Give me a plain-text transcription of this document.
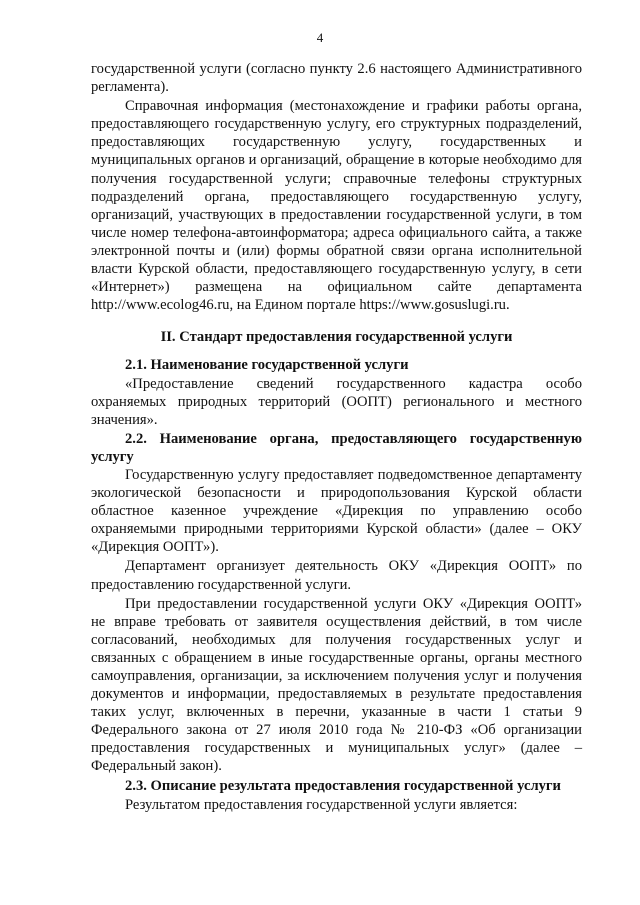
4

государственной услуги (согласно пункту 2.6 настоящего Административного регламента).

Справочная информация (местонахождение и графики работы органа, предоставляющего государственную услугу, его структурных подразделений, предоставляющих государственную услугу, государственных и муниципальных органов и организаций, обращение в которые необходимо для получения государственной услуги; справочные телефоны структурных подразделений органа, предоставляющего государственную услугу, организаций, участвующих в предоставлении государственной услуги, в том числе номер телефона-автоинформатора; адреса официального сайта, а также электронной почты и (или) формы обратной связи органа исполнительной власти Курской области, предоставляющего государственную услугу, в сети «Интернет») размещена на официальном сайте департамента http://www.ecolog46.ru, на Едином портале https://www.gosuslugi.ru.

II. Стандарт предоставления государственной услуги

2.1. Наименование государственной услуги

«Предоставление сведений государственного кадастра особо охраняемых природных территорий (ООПТ) регионального и местного значения».

2.2. Наименование органа, предоставляющего государственную услугу

Государственную услугу предоставляет подведомственное департаменту экологической безопасности и природопользования Курской области областное казенное учреждение «Дирекция по управлению особо охраняемыми природными территориями Курской области» (далее – ОКУ «Дирекция ООПТ»).

Департамент организует деятельность ОКУ «Дирекция ООПТ» по предоставлению государственной услуги.

При предоставлении государственной услуги ОКУ «Дирекция ООПТ» не вправе требовать от заявителя осуществления действий, в том числе согласований, необходимых для получения государственных услуг и связанных с обращением в иные государственные органы, органы местного самоуправления, организации, за исключением получения услуг и получения документов и информации, предоставляемых в результате предоставления таких услуг, включенных в перечни, указанные в части 1 статьи 9 Федерального закона от 27 июля 2010 года № 210-ФЗ «Об организации предоставления государственных и муниципальных услуг» (далее – Федеральный закон).

2.3. Описание результата предоставления государственной услуги

Результатом предоставления государственной услуги является:
